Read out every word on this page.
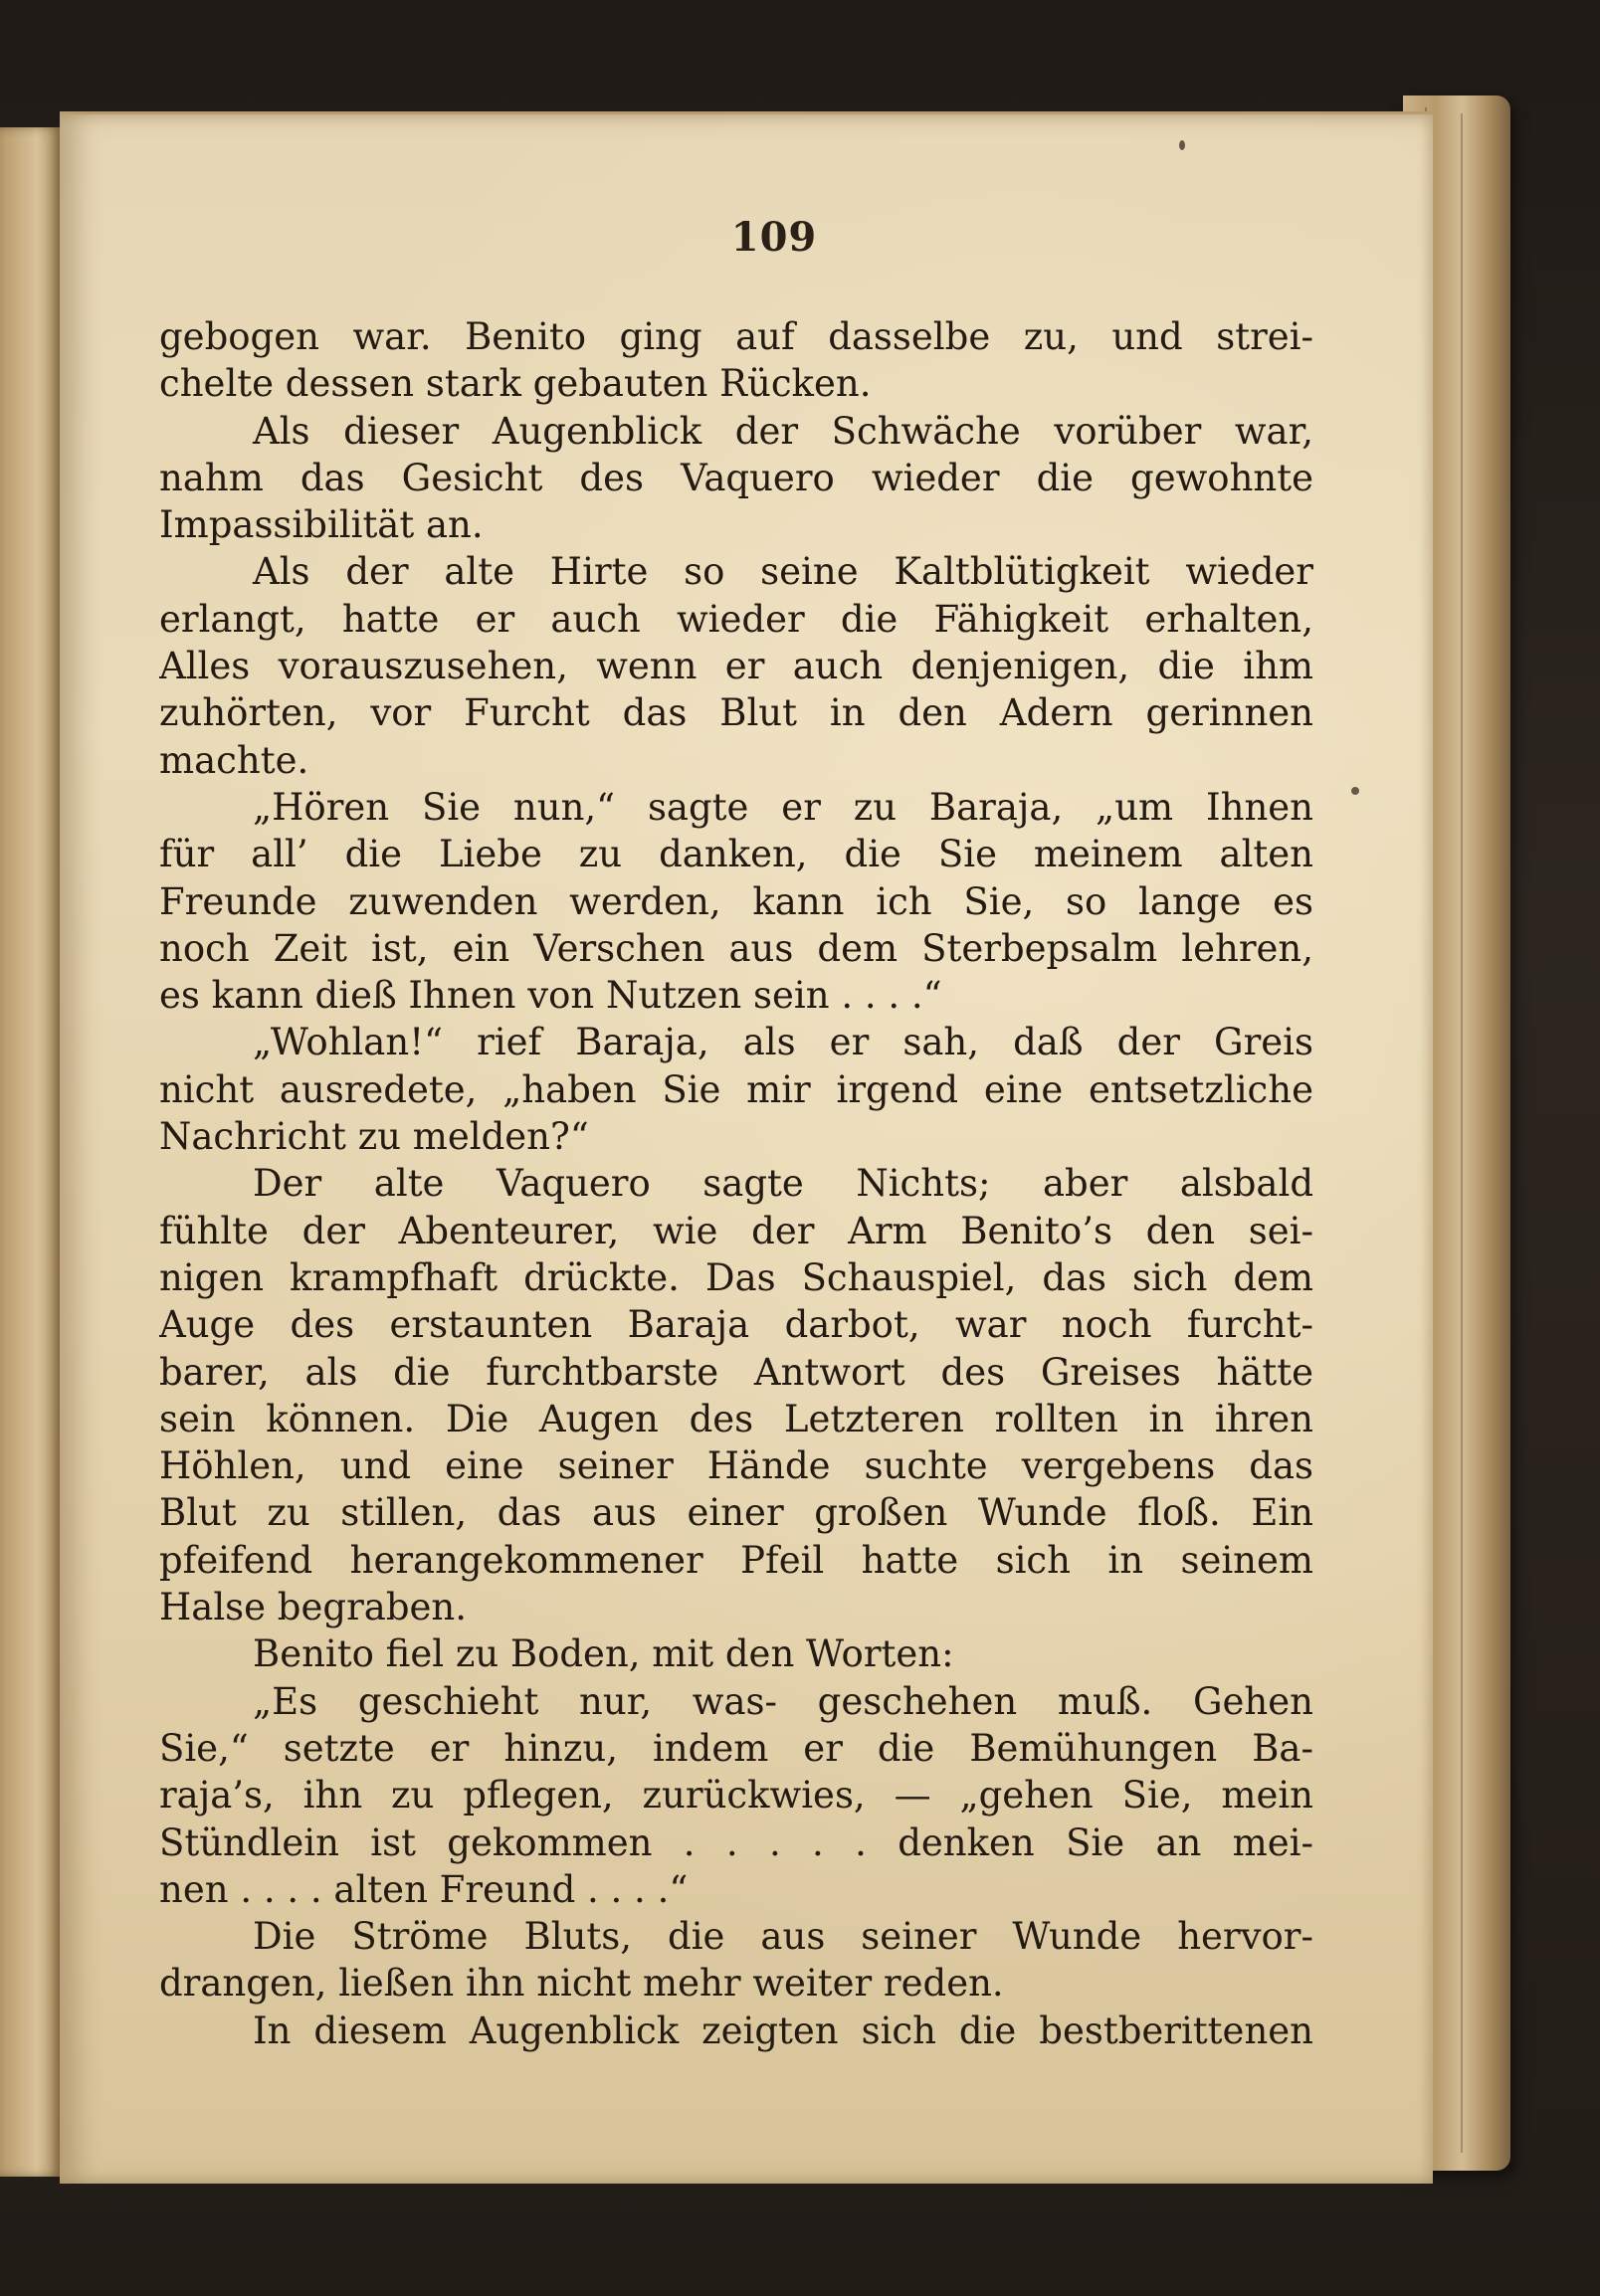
109
gebogen war. Benito ging auf dasselbe zu, und strei-
chelte dessen stark gebauten Rücken.
Als dieser Augenblick der Schwäche vorüber war,
nahm das Gesicht des Vaquero wieder die gewohnte
Impassibilität an.
Als der alte Hirte so seine Kaltblütigkeit wieder
erlangt, hatte er auch wieder die Fähigkeit erhalten,
Alles vorauszusehen, wenn er auch denjenigen, die ihm
zuhörten, vor Furcht das Blut in den Adern gerinnen
machte.
„Hören Sie nun,“ sagte er zu Baraja, „um Ihnen
für all’ die Liebe zu danken, die Sie meinem alten
Freunde zuwenden werden, kann ich Sie, so lange es
noch Zeit ist, ein Verschen aus dem Sterbepsalm lehren,
es kann dieß Ihnen von Nutzen sein . . . .“
„Wohlan!“ rief Baraja, als er sah, daß der Greis
nicht ausredete, „haben Sie mir irgend eine entsetzliche
Nachricht zu melden?“
Der alte Vaquero sagte Nichts; aber alsbald
fühlte der Abenteurer, wie der Arm Benito’s den sei-
nigen krampfhaft drückte. Das Schauspiel, das sich dem
Auge des erstaunten Baraja darbot, war noch furcht-
barer, als die furchtbarste Antwort des Greises hätte
sein können. Die Augen des Letzteren rollten in ihren
Höhlen, und eine seiner Hände suchte vergebens das
Blut zu stillen, das aus einer großen Wunde floß. Ein
pfeifend herangekommener Pfeil hatte sich in seinem
Halse begraben.
Benito fiel zu Boden, mit den Worten:
„Es geschieht nur, was- geschehen muß. Gehen
Sie,“ setzte er hinzu, indem er die Bemühungen Ba-
raja’s, ihn zu pflegen, zurückwies, — „gehen Sie, mein
Stündlein ist gekommen . . . . . denken Sie an mei-
nen . . . . alten Freund . . . .“
Die Ströme Bluts, die aus seiner Wunde hervor-
drangen, ließen ihn nicht mehr weiter reden.
In diesem Augenblick zeigten sich die bestberittenen
